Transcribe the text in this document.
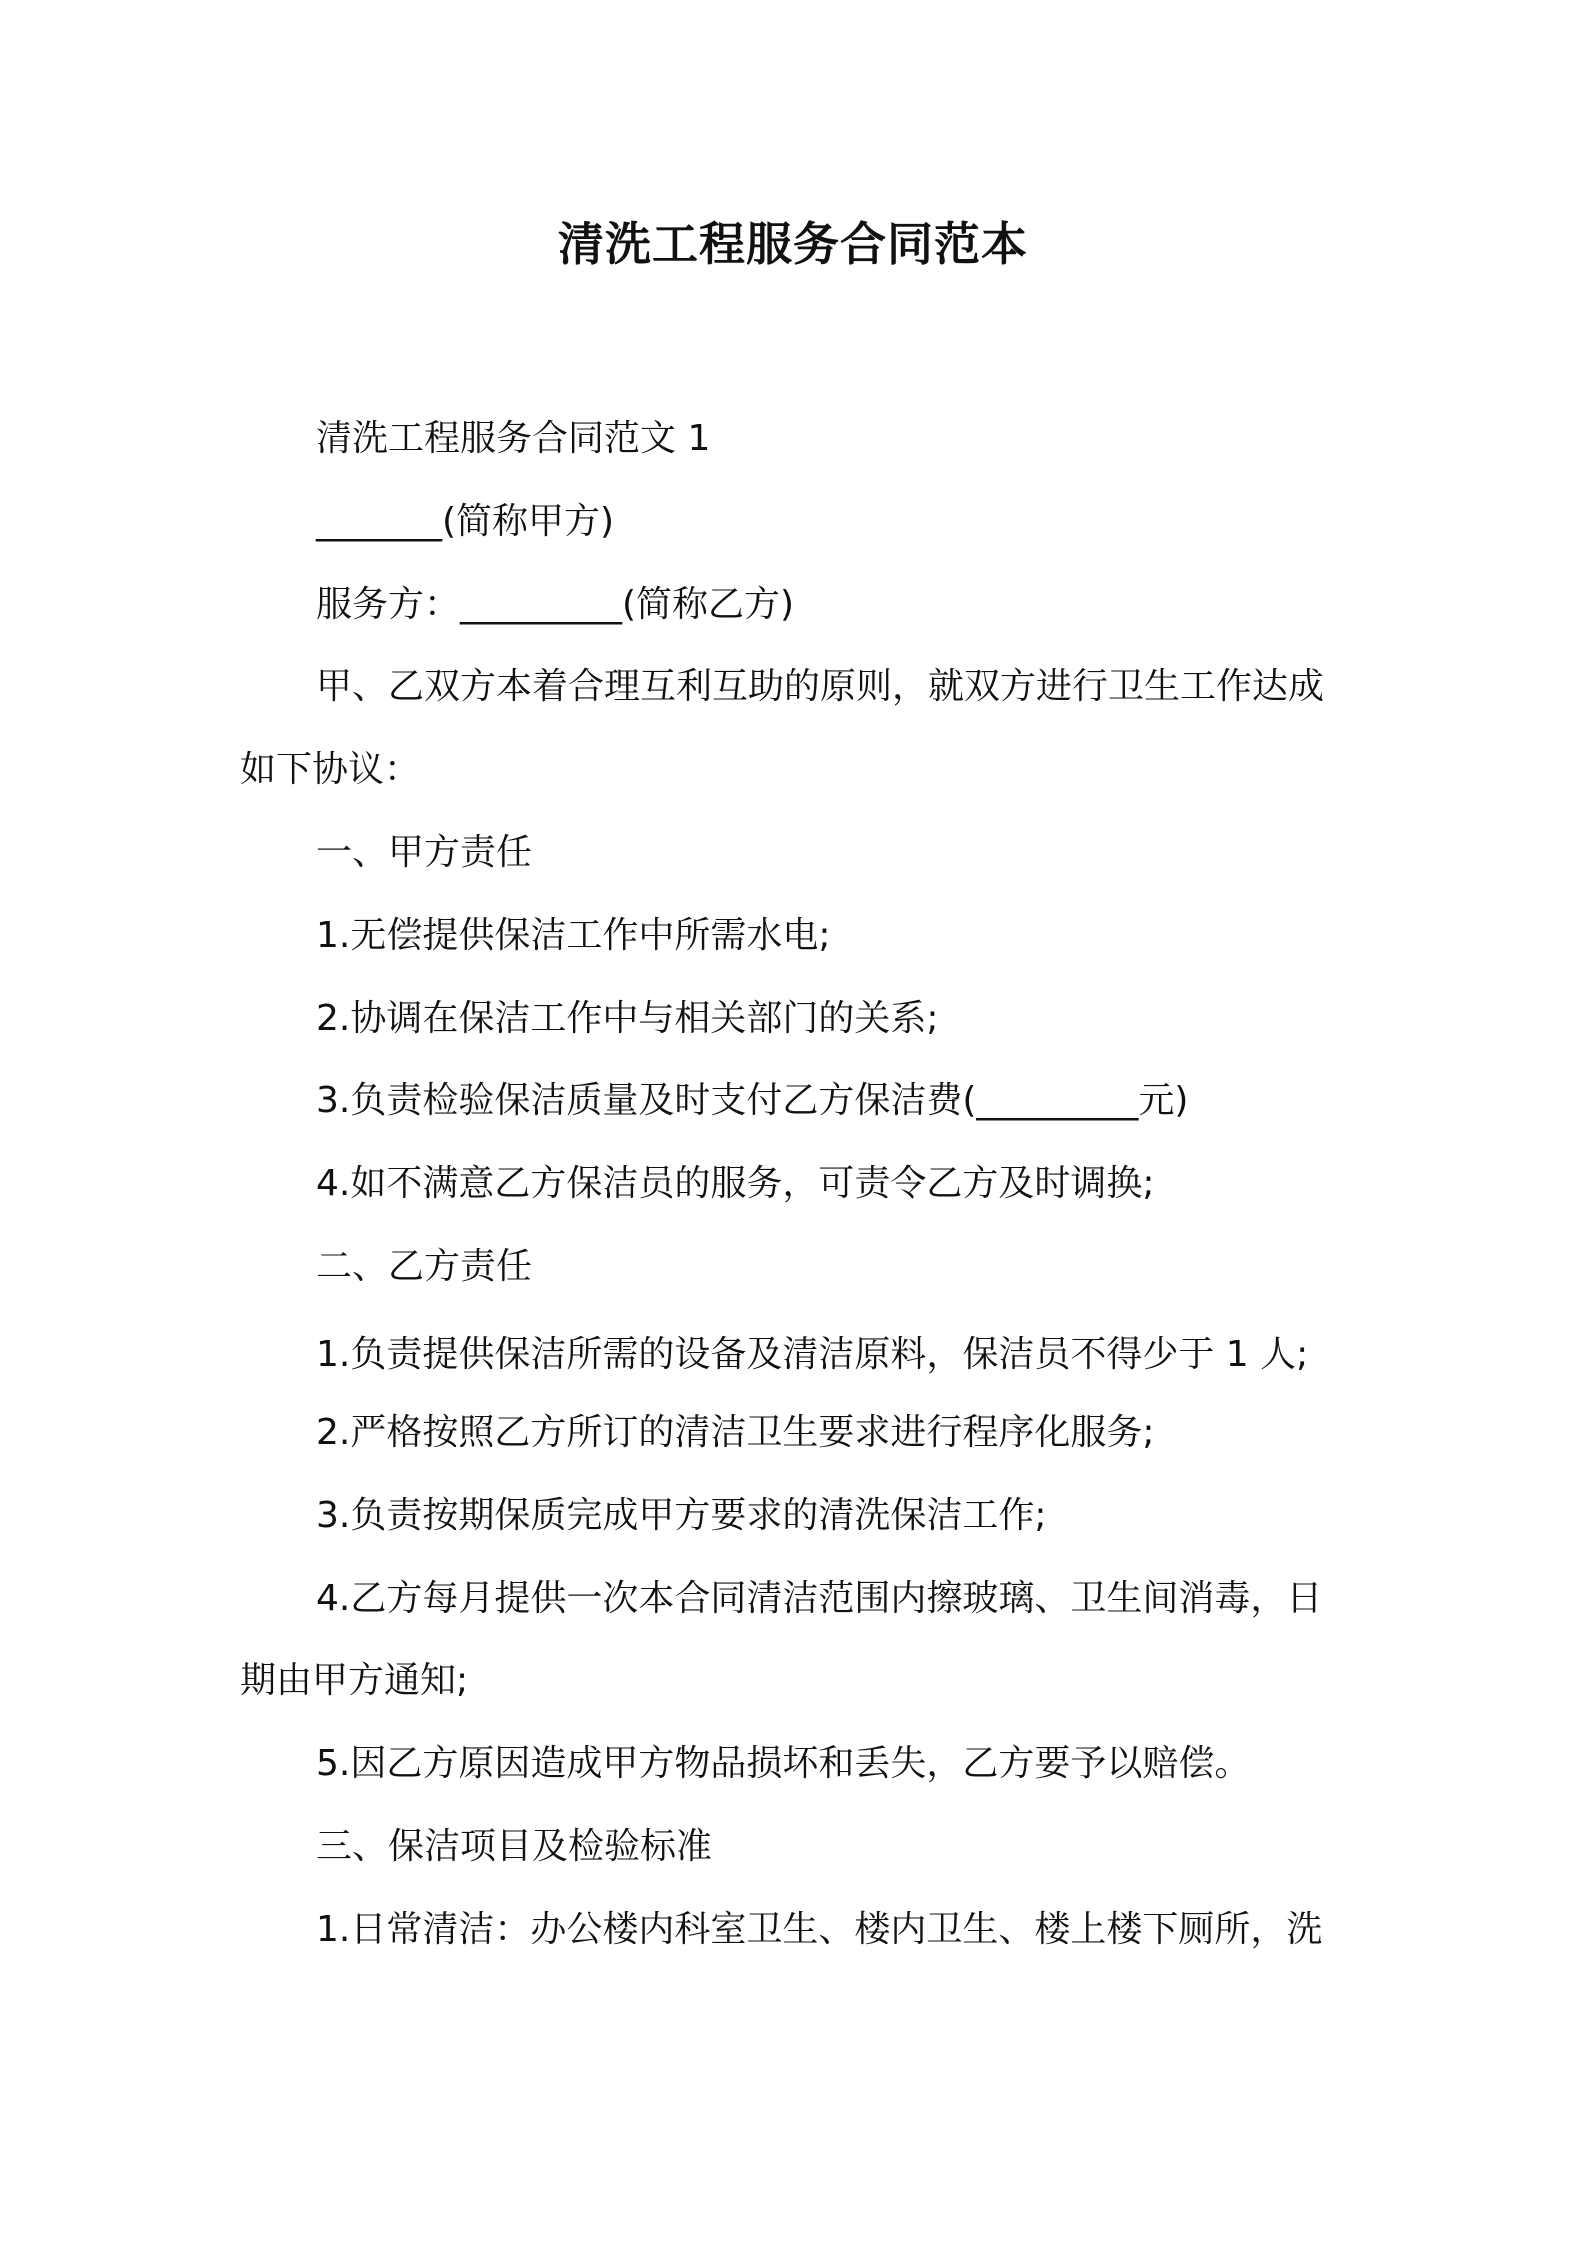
清洗工程服务合同范本
清洗工程服务合同范文 1
_______(简称甲方)
服务方：_________(简称乙方)
甲、乙双方本着合理互利互助的原则，就双方进行卫生工作达成
如下协议：
一、甲方责任
1.无偿提供保洁工作中所需水电;
2.协调在保洁工作中与相关部门的关系;
3.负责检验保洁质量及时支付乙方保洁费(_________元)
4.如不满意乙方保洁员的服务，可责令乙方及时调换;
二、乙方责任
1.负责提供保洁所需的设备及清洁原料，保洁员不得少于 1 人;
2.严格按照乙方所订的清洁卫生要求进行程序化服务;
3.负责按期保质完成甲方要求的清洗保洁工作;
4.乙方每月提供一次本合同清洁范围内擦玻璃、卫生间消毒，日
期由甲方通知;
5.因乙方原因造成甲方物品损坏和丢失，乙方要予以赔偿。
三、保洁项目及检验标准
1.日常清洁：办公楼内科室卫生、楼内卫生、楼上楼下厕所，洗
